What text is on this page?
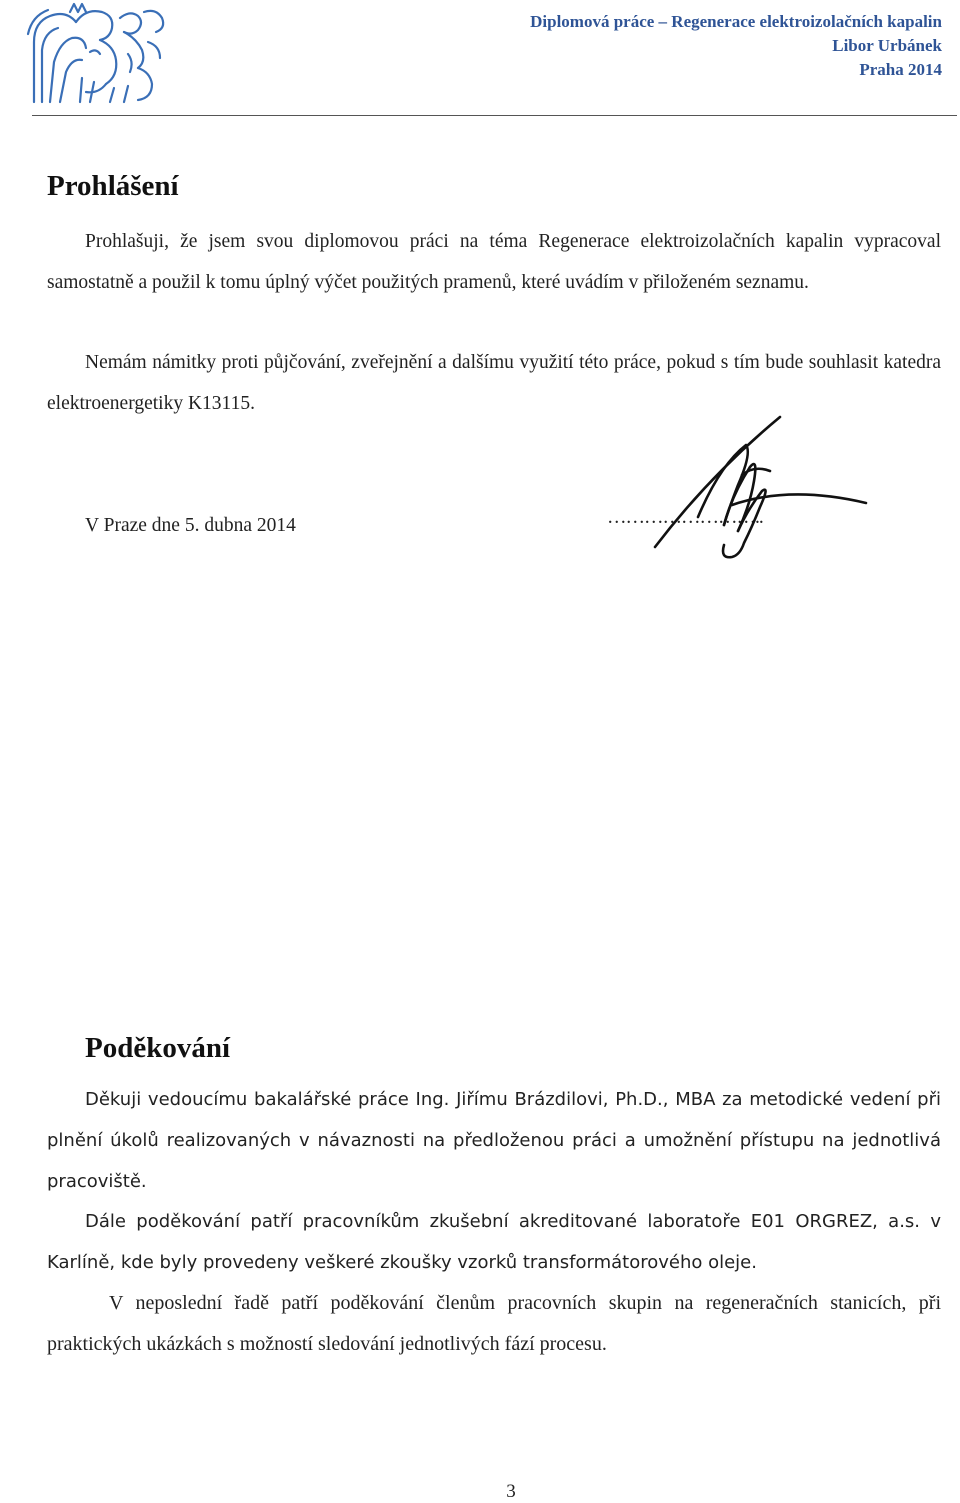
Diplomová práce – Regenerace elektroizolačních kapalin
Libor Urbánek
Praha 2014
Prohlášení

Prohlašuji, že jsem svou diplomovou práci na téma Regenerace elektroizolačních kapalin vypracoval samostatně a použil k tomu úplný výčet použitých pramenů, které uvádím v přiloženém seznamu.

Nemám námitky proti půjčování, zveřejnění a dalšímu využití této práce, pokud s tím bude souhlasit katedra elektroenergetiky K13115.

V Praze dne 5. dubna 2014	……………………..
Poděkování

Děkuji vedoucímu bakalářské práce Ing. Jiřímu Brázdilovi, Ph.D., MBA za metodické vedení při plnění úkolů realizovaných v návaznosti na předloženou práci a umožnění přístupu na jednotlivá pracoviště.

Dále poděkování patří pracovníkům zkušební akreditované laboratoře E01 ORGREZ, a.s. v Karlíně, kde byly provedeny veškeré zkoušky vzorků transformátorového oleje.

V neposlední řadě patří poděkování členům pracovních skupin na regeneračních stanicích, při praktických ukázkách s možností sledování jednotlivých fází procesu.

3
